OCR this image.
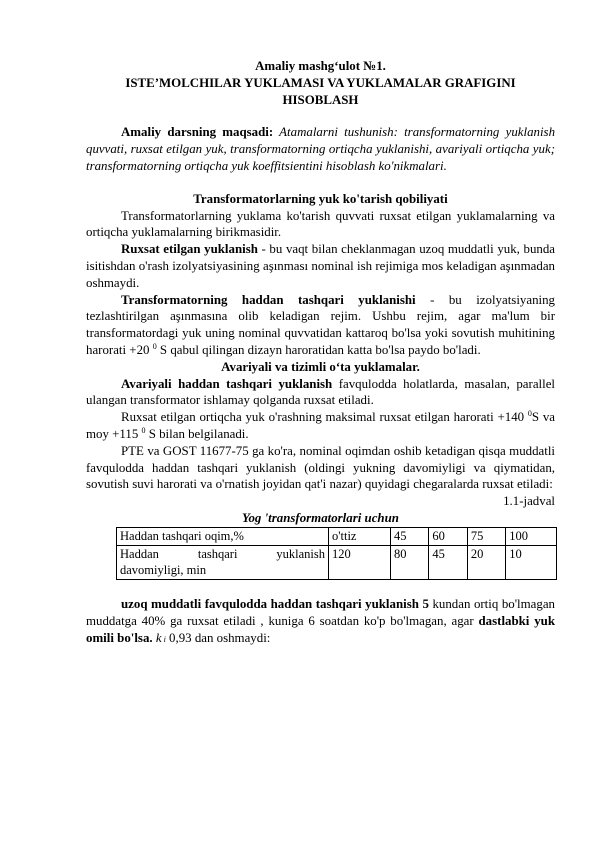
Amaliy mashg‘ulot №1.

ISTE’MOLCHILAR YUKLAMASI VA YUKLAMALAR GRAFIGINI

HISOBLASH

Amaliy darsning maqsadi: Atamalarni tushunish: transformatorning yuklanish quvvati, ruxsat etilgan yuk, transformatorning ortiqcha yuklanishi, avariyali ortiqcha yuk; transformatorning ortiqcha yuk koeffitsientini hisoblash ko'nikmalari.

Transformatorlarning yuk ko'tarish qobiliyati

Transformatorlarning yuklama ko'tarish quvvati ruxsat etilgan yuklamalarning va ortiqcha yuklamalarning birikmasidir.

Ruxsat etilgan yuklanish - bu vaqt bilan cheklanmagan uzoq muddatli yuk, bunda isitishdan o'rash izolyatsiyasining aşınması nominal ish rejimiga mos keladigan aşınmadan oshmaydi.

Transformatorning haddan tashqari yuklanishi - bu izolyatsiyaning tezlashtirilgan aşınmasına olib keladigan rejim. Ushbu rejim, agar ma'lum bir transformatordagi yuk uning nominal quvvatidan kattaroq bo'lsa yoki sovutish muhitining harorati +20 $^0$ S qabul qilingan dizayn haroratidan katta bo'lsa paydo bo'ladi.

Avariyali va tizimli o‘ta yuklamalar.

Avariyali haddan tashqari yuklanish favqulodda holatlarda, masalan, parallel ulangan transformator ishlamay qolganda ruxsat etiladi.

Ruxsat etilgan ortiqcha yuk o'rashning maksimal ruxsat etilgan harorati +140 $^0$S va moy +115 $^0$ S bilan belgilanadi.

PTE va GOST 11677-75 ga ko'ra, nominal oqimdan oshib ketadigan qisqa muddatli favqulodda haddan tashqari yuklanish (oldingi yukning davomiyligi va qiymatidan, sovutish suvi harorati va o'rnatish joyidan qat'i nazar) quyidagi chegaralarda ruxsat etiladi:

1.1-jadval

Yog 'transformatorlari uchun

Haddan tashqari oqim,%	o'ttiz	45	60	75	100

Haddan tashqari yuklanish
davomiyligi, min	120	80	45	20	10

uzoq muddatli favqulodda haddan tashqari yuklanish 5 kundan ortiq bo'lmagan muddatga 40% ga ruxsat etiladi , kuniga 6 soatdan ko'p bo'lmagan, agar dastlabki yuk omili bo'lsa. k i 0,93 dan oshmaydi:
